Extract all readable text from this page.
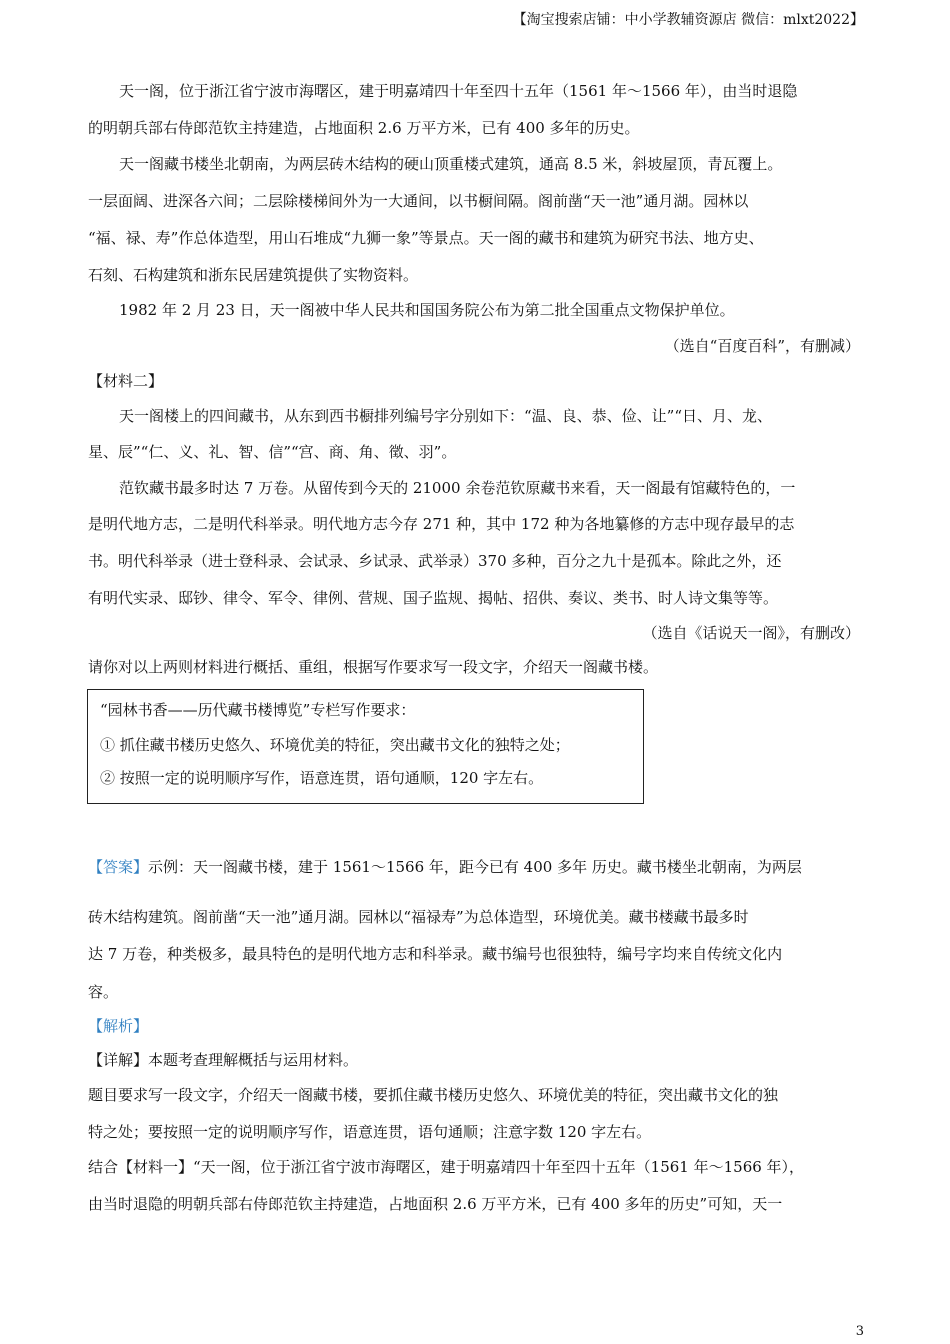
【淘宝搜索店铺：中小学教辅资源店 微信：mlxt2022】
天一阁，位于浙江省宁波市海曙区，建于明嘉靖四十年至四十五年（1561 年～1566 年），由当时退隐
的明朝兵部右侍郎范钦主持建造，占地面积 2.6 万平方米，已有 400 多年的历史。
天一阁藏书楼坐北朝南，为两层砖木结构的硬山顶重楼式建筑，通高 8.5 米，斜坡屋顶，青瓦覆上。
一层面阔、进深各六间；二层除楼梯间外为一大通间，以书橱间隔。阁前凿“天一池”通月湖。园林以
“福、禄、寿”作总体造型，用山石堆成“九狮一象”等景点。天一阁的藏书和建筑为研究书法、地方史、
石刻、石构建筑和浙东民居建筑提供了实物资料。
1982 年 2 月 23 日，天一阁被中华人民共和国国务院公布为第二批全国重点文物保护单位。
（选自“百度百科”，有删减）
【材料二】
天一阁楼上的四间藏书，从东到西书橱排列编号字分别如下：“温、良、恭、俭、让”“日、月、龙、
星、辰”“仁、义、礼、智、信”“宫、商、角、徵、羽”。
范钦藏书最多时达 7 万卷。从留传到今天的 21000 余卷范钦原藏书来看，天一阁最有馆藏特色的，一
是明代地方志，二是明代科举录。明代地方志今存 271 种，其中 172 种为各地纂修的方志中现存最早的志
书。明代科举录（进士登科录、会试录、乡试录、武举录）370 多种，百分之九十是孤本。除此之外，还
有明代实录、邸钞、律令、军令、律例、营规、国子监规、揭帖、招供、奏议、类书、时人诗文集等等。
（选自《话说天一阁》，有删改）
请你对以上两则材料进行概括、重组，根据写作要求写一段文字，介绍天一阁藏书楼。
“园林书香——历代藏书楼博览”专栏写作要求：
① 抓住藏书楼历史悠久、环境优美的特征，突出藏书文化的独特之处；
② 按照一定的说明顺序写作，语意连贯，语句通顺，120 字左右。
【答案】示例：天一阁藏书楼，建于 1561～1566 年，距今已有 400 多年 历史。藏书楼坐北朝南，为两层
砖木结构建筑。阁前凿“天一池”通月湖。园林以“福禄寿”为总体造型，环境优美。藏书楼藏书最多时
达 7 万卷，种类极多，最具特色的是明代地方志和科举录。藏书编号也很独特，编号字均来自传统文化内
容。
【解析】
【详解】本题考查理解概括与运用材料。
题目要求写一段文字，介绍天一阁藏书楼，要抓住藏书楼历史悠久、环境优美的特征，突出藏书文化的独
特之处；要按照一定的说明顺序写作，语意连贯，语句通顺；注意字数 120 字左右。
结合【材料一】“天一阁，位于浙江省宁波市海曙区，建于明嘉靖四十年至四十五年（1561 年～1566 年），
由当时退隐的明朝兵部右侍郎范钦主持建造，占地面积 2.6 万平方米，已有 400 多年的历史”可知，天一
3
